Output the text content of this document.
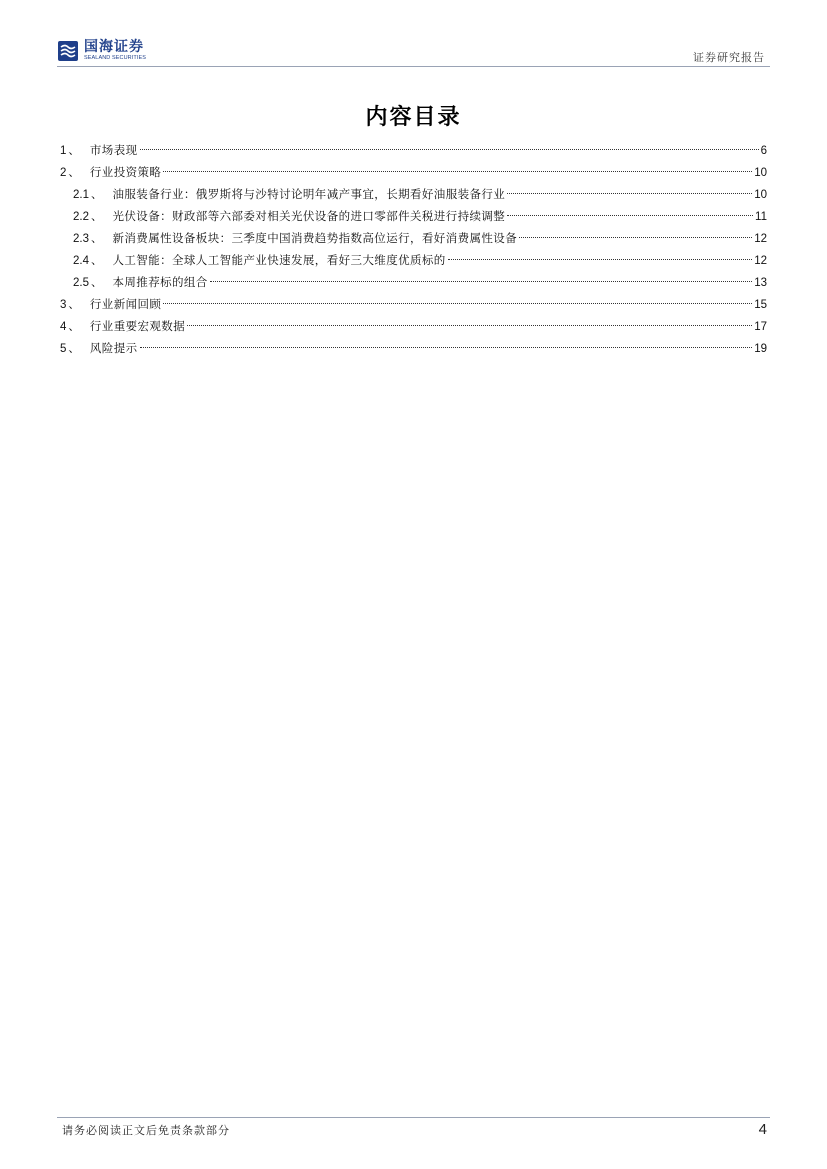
国海证券
SEALAND SECURITIES	证券研究报告
内容目录
1 、 市场表现	6
2 、 行业投资策略	10
2.1 、 油服装备行业：俄罗斯将与沙特讨论明年减产事宜，长期看好油服装备行业	10
2.2 、 光伏设备：财政部等六部委对相关光伏设备的进口零部件关税进行持续调整	11
2.3 、 新消费属性设备板块：三季度中国消费趋势指数高位运行，看好消费属性设备	12
2.4 、 人工智能：全球人工智能产业快速发展，看好三大维度优质标的	12
2.5 、 本周推荐标的组合	13
3 、 行业新闻回顾	15
4 、 行业重要宏观数据	17
5 、 风险提示	19
请务必阅读正文后免责条款部分	4
